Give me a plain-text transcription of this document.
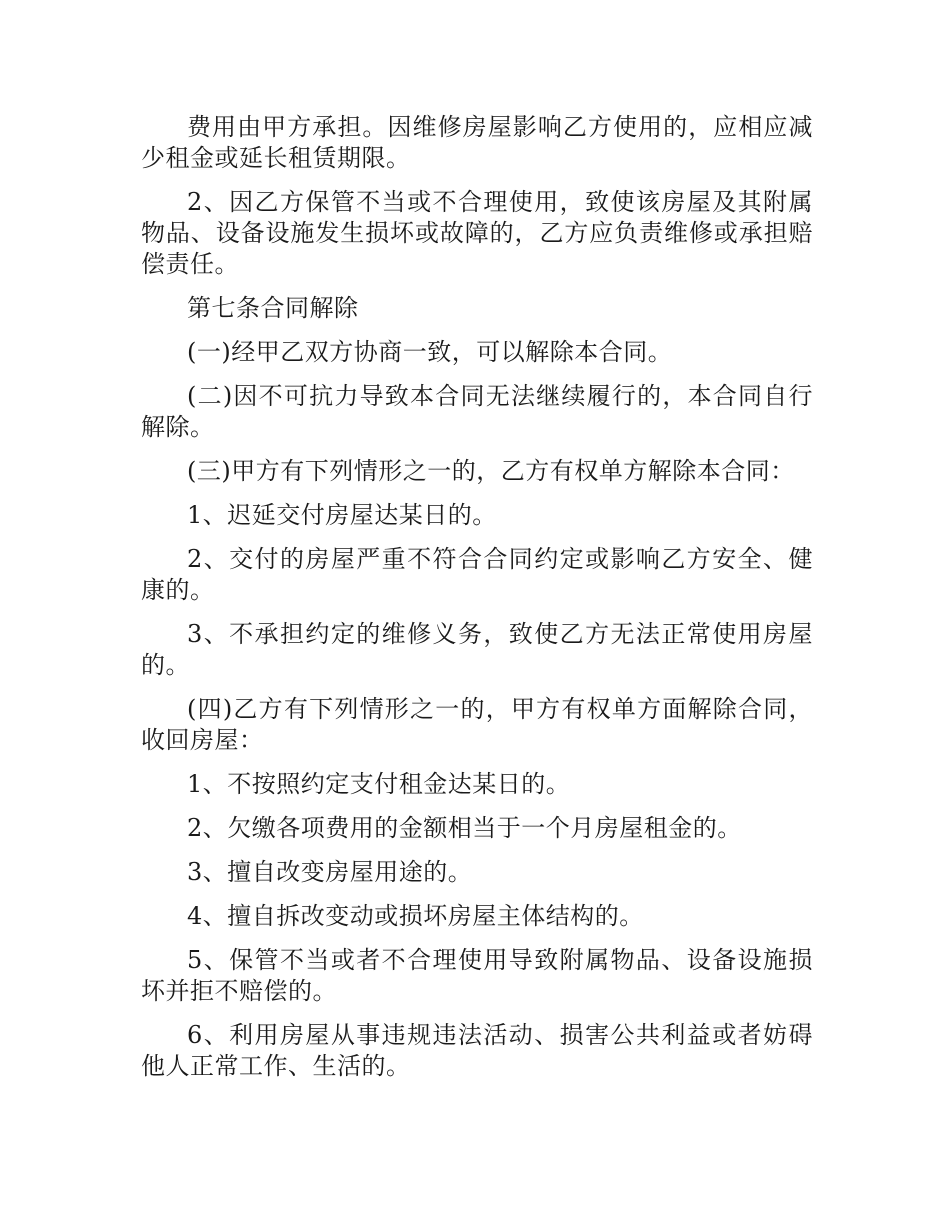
费用由甲方承担。因维修房屋影响乙方使用的，应相应减少租金或延长租赁期限。

2、因乙方保管不当或不合理使用，致使该房屋及其附属物品、设备设施发生损坏或故障的，乙方应负责维修或承担赔偿责任。

第七条合同解除

(一)经甲乙双方协商一致，可以解除本合同。

(二)因不可抗力导致本合同无法继续履行的，本合同自行解除。

(三)甲方有下列情形之一的，乙方有权单方解除本合同：

1、迟延交付房屋达某日的。

2、交付的房屋严重不符合合同约定或影响乙方安全、健康的。

3、不承担约定的维修义务，致使乙方无法正常使用房屋的。

(四)乙方有下列情形之一的，甲方有权单方面解除合同，收回房屋：

1、不按照约定支付租金达某日的。

2、欠缴各项费用的金额相当于一个月房屋租金的。

3、擅自改变房屋用途的。

4、擅自拆改变动或损坏房屋主体结构的。

5、保管不当或者不合理使用导致附属物品、设备设施损坏并拒不赔偿的。

6、利用房屋从事违规违法活动、损害公共利益或者妨碍他人正常工作、生活的。
